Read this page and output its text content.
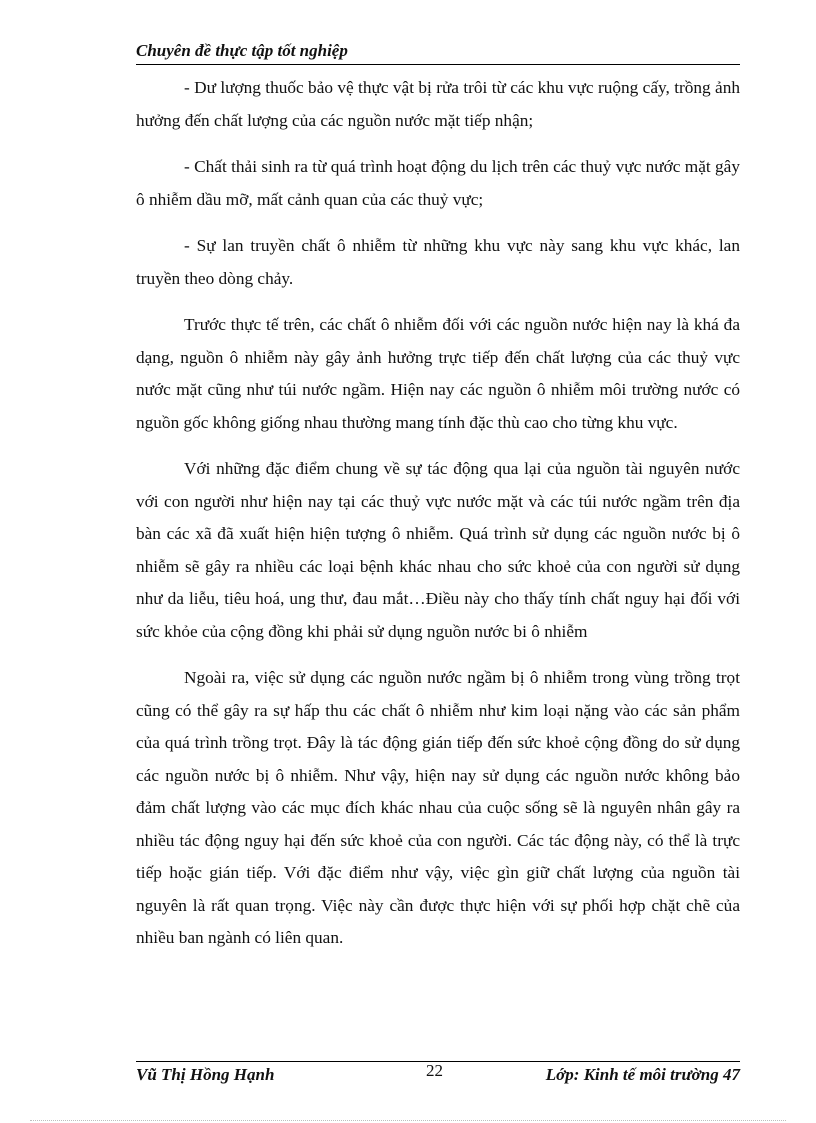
Chuyên đề thực tập tốt nghiệp

- Dư lượng thuốc bảo vệ thực vật bị rửa trôi từ các khu vực ruộng cấy, trồng ảnh hưởng đến chất lượng của các nguồn nước mặt tiếp nhận;

- Chất thải sinh ra từ quá trình hoạt động du lịch trên các thuỷ vực nước mặt gây ô nhiễm dầu mỡ, mất cảnh quan của các thuỷ vực;

- Sự lan truyền chất ô nhiễm từ những khu vực này sang khu vực khác, lan truyền theo dòng chảy.

Trước thực tế trên, các chất ô nhiễm đối với các nguồn nước hiện nay là khá đa dạng, nguồn ô nhiễm này gây ảnh hưởng trực tiếp đến chất lượng của các thuỷ vực nước mặt cũng như túi nước ngầm. Hiện nay các nguồn ô nhiễm môi trường nước có nguồn gốc không giống nhau thường mang tính đặc thù cao cho từng khu vực.

Với những đặc điểm chung về sự tác động qua lại của nguồn tài nguyên nước với con người như hiện nay tại các thuỷ vực nước mặt và các túi nước ngầm trên địa bàn các xã đã xuất hiện hiện tượng ô nhiễm. Quá trình sử dụng các nguồn nước bị ô nhiễm sẽ gây ra nhiều các loại bệnh khác nhau cho sức khoẻ của con người sử dụng như da liễu, tiêu hoá, ung thư, đau mắt…Điều này cho thấy tính chất nguy hại đối với sức khỏe của cộng đồng khi phải sử dụng nguồn nước bi ô nhiễm

Ngoài ra, việc sử dụng các nguồn nước ngầm bị ô nhiễm trong vùng trồng trọt cũng có thể gây ra sự hấp thu các chất ô nhiễm như kim loại nặng vào các sản phẩm của quá trình trồng trọt. Đây là tác động gián tiếp đến sức khoẻ cộng đồng do sử dụng các nguồn nước bị ô nhiễm. Như vậy, hiện nay sử dụng các nguồn nước không bảo đảm chất lượng vào các mục đích khác nhau của cuộc sống sẽ là nguyên nhân gây ra nhiều tác động nguy hại đến sức khoẻ của con người. Các tác động này, có thể là trực tiếp hoặc gián tiếp. Với đặc điểm như vậy, việc gìn giữ chất lượng của nguồn tài nguyên là rất quan trọng. Việc này cần được thực hiện với sự phối hợp chặt chẽ của nhiều ban ngành có liên quan.

Vũ Thị Hồng Hạnh	22	Lớp: Kinh tế môi trường 47
